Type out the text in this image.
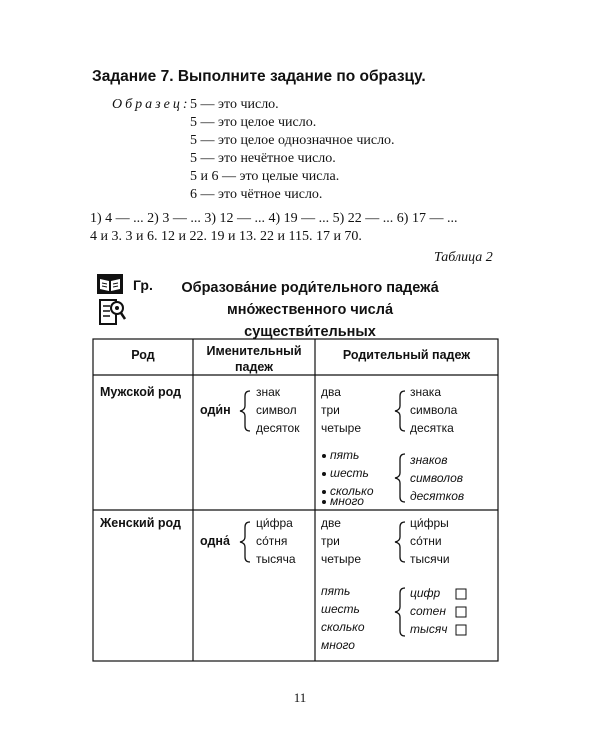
Задание 7. Выполните задание по образцу.
Образец: 5 — это число.
5 — это целое число.
5 — это целое однозначное число.
5 — это нечётное число.
5 и 6 — это целые числа.
6 — это чётное число.
1) 4 — ... 2) 3 — ... 3) 12 — ... 4) 19 — ... 5) 22 — ... 6) 17 — ...
4 и 3. 3 и 6. 12 и 22. 19 и 13. 22 и 115. 17 и 70.
Таблица 2
Гр.	Образова́ние роди́тельного падежа́ мно́жественного числа́ существи́тельных
Род	Именительный падеж
Родительный падеж
Мужской род
оди́н
знак
символ
десяток
два
три
четыре
знака
символа
десятка
пять
шесть
сколько
много
знаков
символов
десятков
Женский род
одна́
ци́фра
со́тня
тысяча
две
три
четыре
ци́фры
со́тни
тысячи
пять
шесть
сколько
много
цифр
сотен
тысяч
11
